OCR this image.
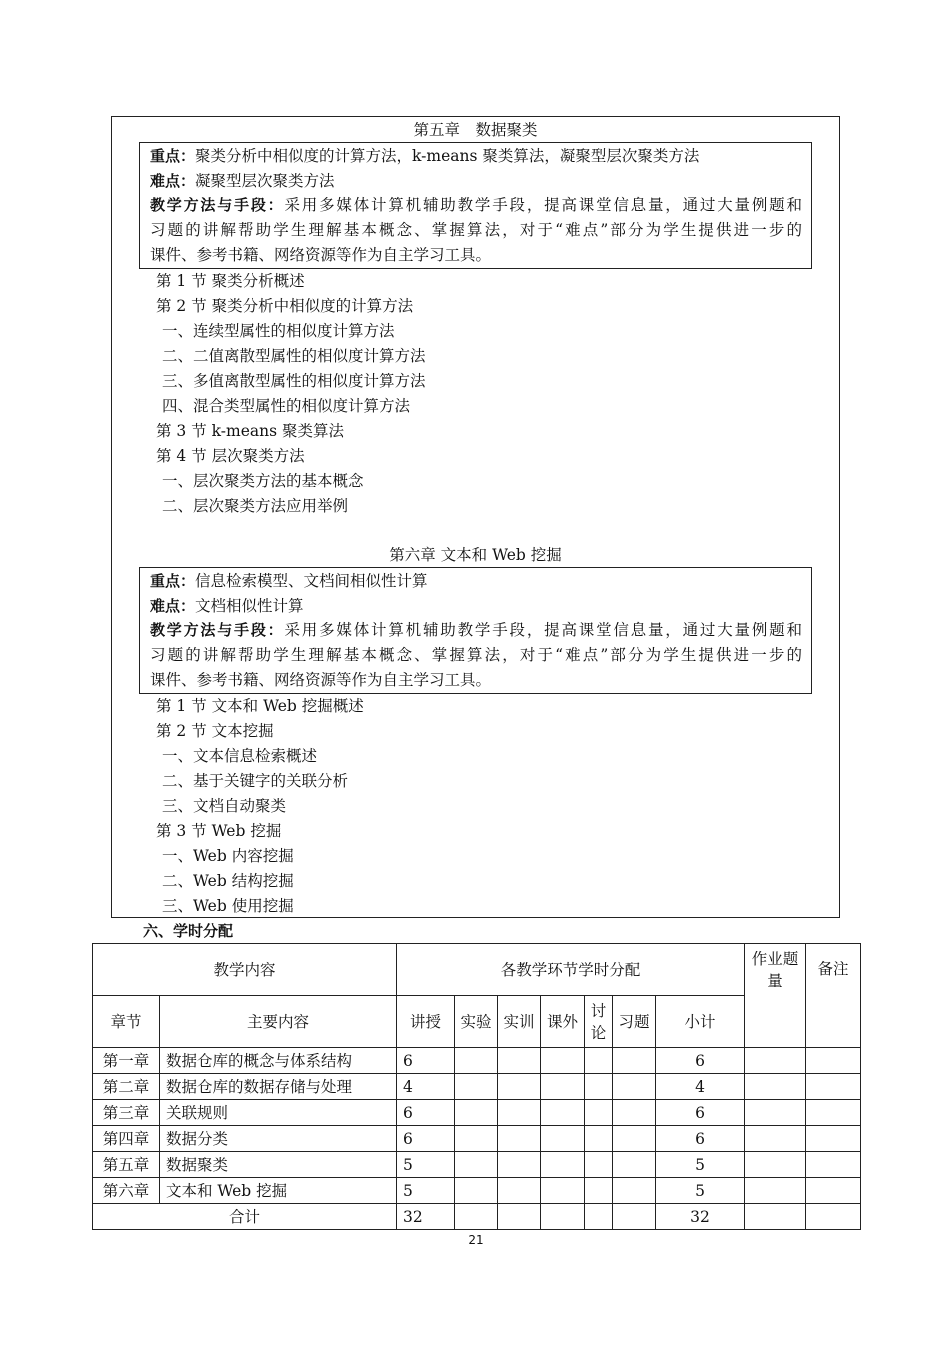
第五章　数据聚类
重点：聚类分析中相似度的计算方法，k-means 聚类算法，凝聚型层次聚类方法
难点：凝聚型层次聚类方法
教学方法与手段：采用多媒体计算机辅助教学手段，提高课堂信息量，通过大量例题和
习题的讲解帮助学生理解基本概念、掌握算法，对于“难点”部分为学生提供进一步的
课件、参考书籍、网络资源等作为自主学习工具。
第 1 节 聚类分析概述
第 2 节 聚类分析中相似度的计算方法
一、连续型属性的相似度计算方法
二、二值离散型属性的相似度计算方法
三、多值离散型属性的相似度计算方法
四、混合类型属性的相似度计算方法
第 3 节 k-means 聚类算法
第 4 节 层次聚类方法
一、层次聚类方法的基本概念
二、层次聚类方法应用举例
第六章 文本和 Web 挖掘
重点：信息检索模型、文档间相似性计算
难点：文档相似性计算
教学方法与手段：采用多媒体计算机辅助教学手段，提高课堂信息量，通过大量例题和
习题的讲解帮助学生理解基本概念、掌握算法，对于“难点”部分为学生提供进一步的
课件、参考书籍、网络资源等作为自主学习工具。
第 1 节 文本和 Web 挖掘概述
第 2 节 文本挖掘
一、文本信息检索概述
二、基于关键字的关联分析
三、文档自动聚类
第 3 节 Web 挖掘
一、Web 内容挖掘
二、Web 结构挖掘
三、Web 使用挖掘
六、学时分配
教学内容		各教学环节学时分配							作业题量	备注
章节	主要内容	讲授	实验	实训	课外	讨论	习题	小计		
第一章	数据仓库的概念与体系结构	6						6		
第二章	数据仓库的数据存储与处理	4						4		
第三章	关联规则	6						6		
第四章	数据分类	6						6		
第五章	数据聚类	5						5		
第六章	文本和 Web 挖掘	5						5		
合计		32						32		
21
